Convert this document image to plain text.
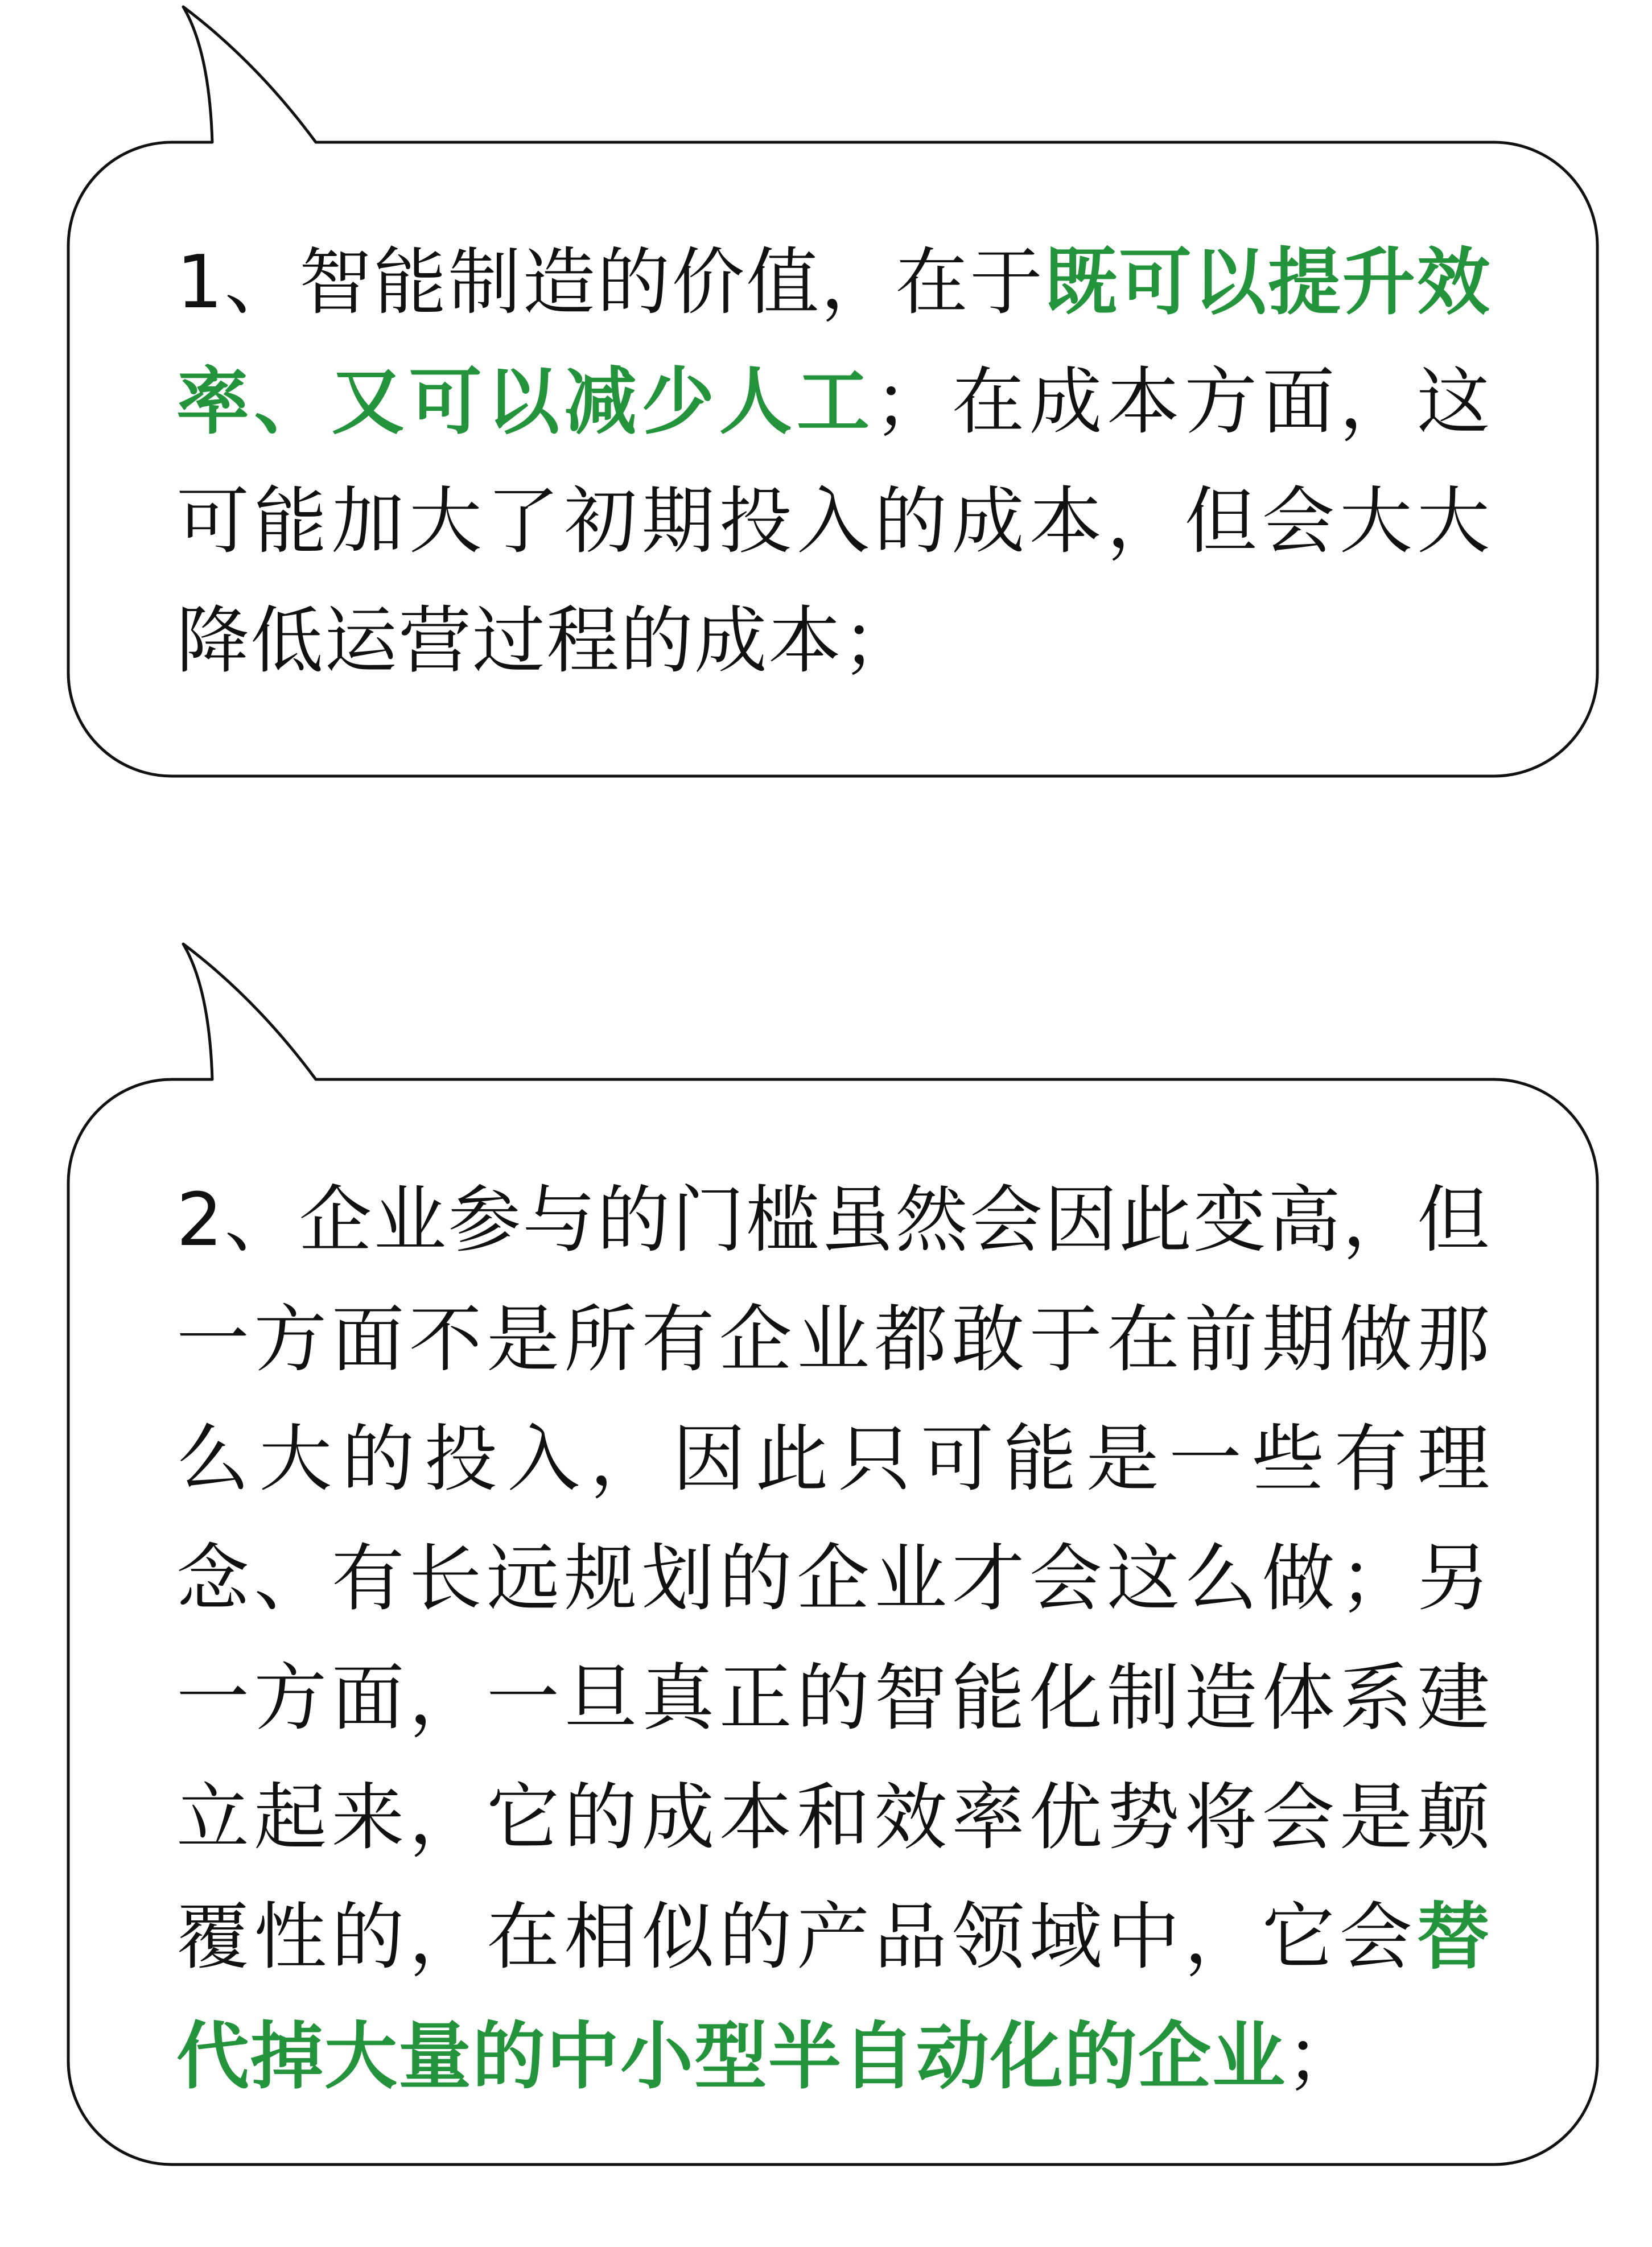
1、智能制造的价值，在于既可以提升效率、又可以减少人工；在成本方面，这可能加大了初期投入的成本，但会大大降低运营过程的成本；
2、企业参与的门槛虽然会因此变高，但一方面不是所有企业都敢于在前期做那么大的投入，因此只可能是一些有理念、有长远规划的企业才会这么做；另一方面，一旦真正的智能化制造体系建立起来，它的成本和效率优势将会是颠覆性的，在相似的产品领域中，它会替代掉大量的中小型半自动化的企业；
